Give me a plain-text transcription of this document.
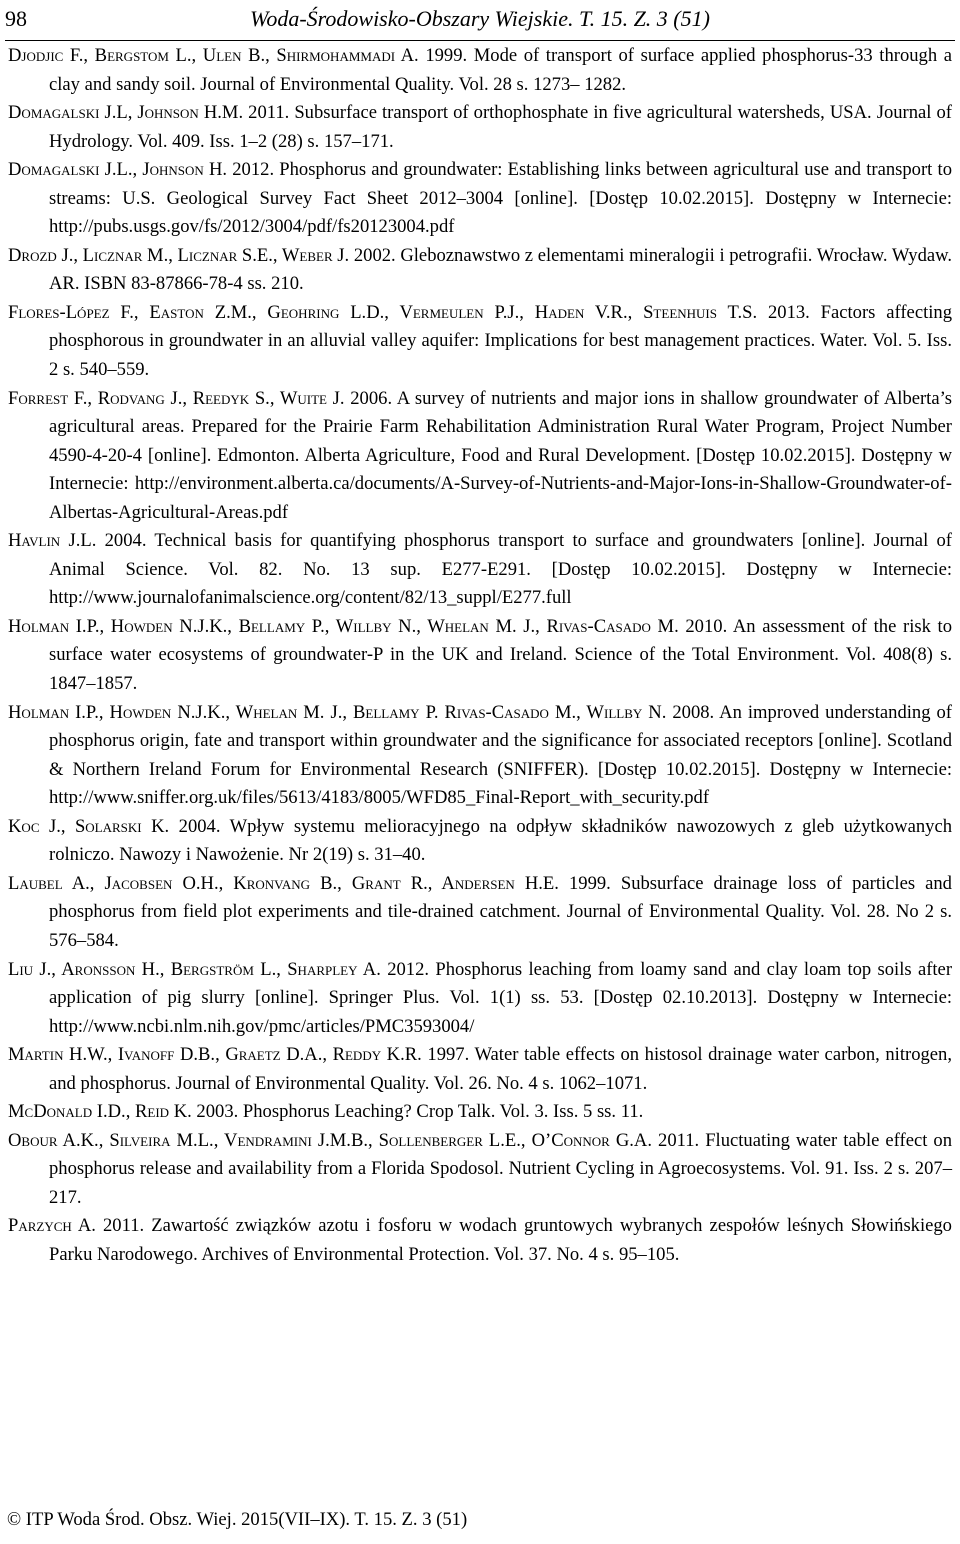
98	Woda-Środowisko-Obszary Wiejskie. T. 15. Z. 3 (51)

Djodjic F., Bergstom L., Ulen B., Shirmohammadi A. 1999. Mode of transport of surface applied phosphorus-33 through a clay and sandy soil. Journal of Environmental Quality. Vol. 28 s. 1273– 1282.

Domagalski J.L, Johnson H.M. 2011. Subsurface transport of orthophosphate in five agricultural watersheds, USA. Journal of Hydrology. Vol. 409. Iss. 1–2 (28) s. 157–171.

Domagalski J.L., Johnson H. 2012. Phosphorus and groundwater: Establishing links between agricultural use and transport to streams: U.S. Geological Survey Fact Sheet 2012–3004 [online]. [Dostęp 10.02.2015]. Dostępny w Internecie: http://pubs.usgs.gov/fs/2012/3004/pdf/fs20123004.pdf

Drozd J., Licznar M., Licznar S.E., Weber J. 2002. Gleboznawstwo z elementami mineralogii i petrografii. Wrocław. Wydaw. AR. ISBN 83-87866-78-4 ss. 210.

Flores-López F., Easton Z.M., Geohring L.D., Vermeulen P.J., Haden V.R., Steenhuis T.S. 2013. Factors affecting phosphorous in groundwater in an alluvial valley aquifer: Implications for best management practices. Water. Vol. 5. Iss. 2 s. 540–559.

Forrest F., Rodvang J., Reedyk S., Wuite J. 2006. A survey of nutrients and major ions in shallow groundwater of Alberta’s agricultural areas. Prepared for the Prairie Farm Rehabilitation Administration Rural Water Program, Project Number 4590-4-20-4 [online]. Edmonton. Alberta Agriculture, Food and Rural Development. [Dostęp 10.02.2015]. Dostępny w Internecie: http://environment.alberta.ca/documents/A-Survey-of-Nutrients-and-Major-Ions-in-Shallow-Groundwater-of-Albertas-Agricultural-Areas.pdf

Havlin J.L. 2004. Technical basis for quantifying phosphorus transport to surface and groundwaters [online]. Journal of Animal Science. Vol. 82. No. 13 sup. E277-E291. [Dostęp 10.02.2015]. Dostępny w Internecie: http://www.journalofanimalscience.org/content/82/13_suppl/E277.full

Holman I.P., Howden N.J.K., Bellamy P., Willby N., Whelan M. J., Rivas-Casado M. 2010. An assessment of the risk to surface water ecosystems of groundwater-P in the UK and Ireland. Science of the Total Environment. Vol. 408(8) s. 1847–1857.

Holman I.P., Howden N.J.K., Whelan M. J., Bellamy P. Rivas-Casado M., Willby N. 2008. An improved understanding of phosphorus origin, fate and transport within groundwater and the significance for associated receptors [online]. Scotland & Northern Ireland Forum for Environmental Research (SNIFFER). [Dostęp 10.02.2015]. Dostępny w Internecie: http://www.sniffer.org.uk/files/5613/4183/8005/WFD85_Final-Report_with_security.pdf

Koc J., Solarski K. 2004. Wpływ systemu melioracyjnego na odpływ składników nawozowych z gleb użytkowanych rolniczo. Nawozy i Nawożenie. Nr 2(19) s. 31–40.

Laubel A., Jacobsen O.H., Kronvang B., Grant R., Andersen H.E. 1999. Subsurface drainage loss of particles and phosphorus from field plot experiments and tile-drained catchment. Journal of Environmental Quality. Vol. 28. No 2 s. 576–584.

Liu J., Aronsson H., Bergström L., Sharpley A. 2012. Phosphorus leaching from loamy sand and clay loam top soils after application of pig slurry [online]. Springer Plus. Vol. 1(1) ss. 53. [Dostęp 02.10.2013]. Dostępny w Internecie: http://www.ncbi.nlm.nih.gov/pmc/articles/PMC3593004/

Martin H.W., Ivanoff D.B., Graetz D.A., Reddy K.R. 1997. Water table effects on histosol drainage water carbon, nitrogen, and phosphorus. Journal of Environmental Quality. Vol. 26. No. 4 s. 1062–1071.

McDonald I.D., Reid K. 2003. Phosphorus Leaching? Crop Talk. Vol. 3. Iss. 5 ss. 11.

Obour A.K., Silveira M.L., Vendramini J.M.B., Sollenberger L.E., O’Connor G.A. 2011. Fluctuating water table effect on phosphorus release and availability from a Florida Spodosol. Nutrient Cycling in Agroecosystems. Vol. 91. Iss. 2 s. 207–217.

Parzych A. 2011. Zawartość związków azotu i fosforu w wodach gruntowych wybranych zespołów leśnych Słowińskiego Parku Narodowego. Archives of Environmental Protection. Vol. 37. No. 4 s. 95–105.

© ITP Woda Środ. Obsz. Wiej. 2015(VII–IX). T. 15. Z. 3 (51)
